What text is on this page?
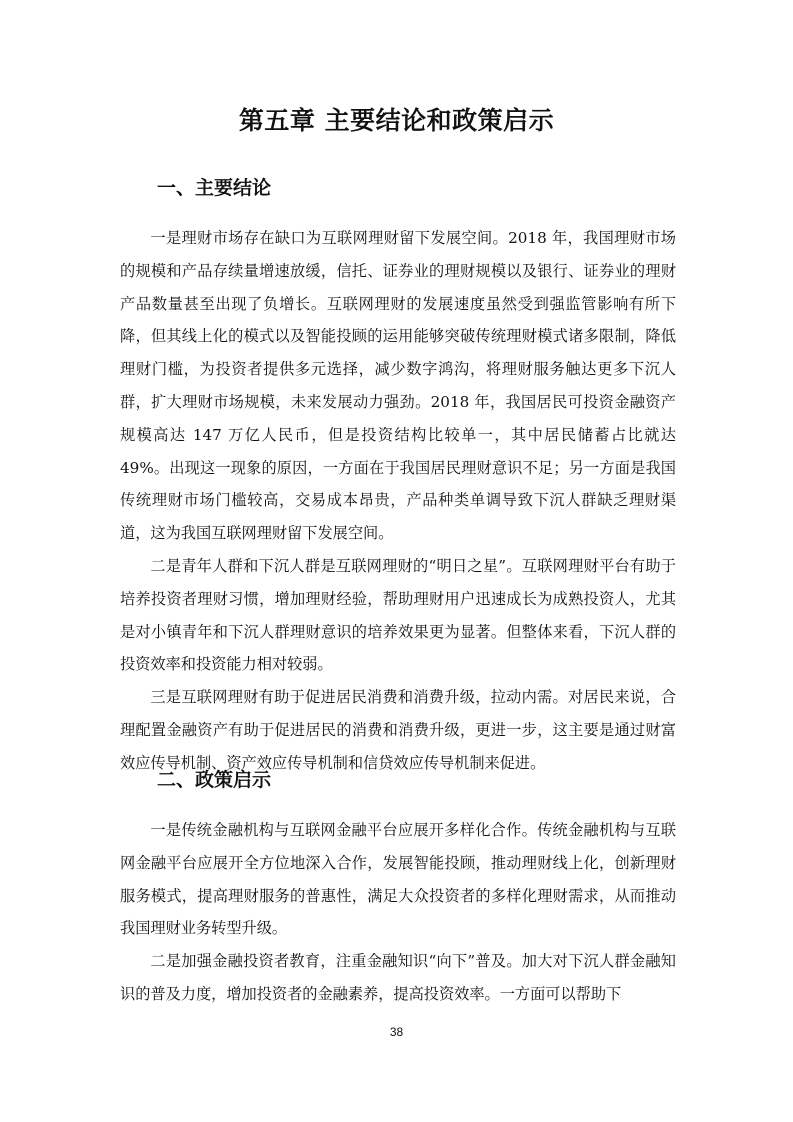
第五章 主要结论和政策启示
一、主要结论

一是理财市场存在缺口为互联网理财留下发展空间。2018 年，我国理财市场的规模和产品存续量增速放缓，信托、证券业的理财规模以及银行、证券业的理财产品数量甚至出现了负增长。互联网理财的发展速度虽然受到强监管影响有所下降，但其线上化的模式以及智能投顾的运用能够突破传统理财模式诸多限制，降低理财门槛，为投资者提供多元选择，减少数字鸿沟，将理财服务触达更多下沉人群，扩大理财市场规模，未来发展动力强劲。2018 年，我国居民可投资金融资产规模高达 147 万亿人民币，但是投资结构比较单一，其中居民储蓄占比就达49%。出现这一现象的原因，一方面在于我国居民理财意识不足；另一方面是我国传统理财市场门槛较高，交易成本昂贵，产品种类单调导致下沉人群缺乏理财渠道，这为我国互联网理财留下发展空间。

二是青年人群和下沉人群是互联网理财的“明日之星”。互联网理财平台有助于培养投资者理财习惯，增加理财经验，帮助理财用户迅速成长为成熟投资人，尤其是对小镇青年和下沉人群理财意识的培养效果更为显著。但整体来看，下沉人群的投资效率和投资能力相对较弱。

三是互联网理财有助于促进居民消费和消费升级，拉动内需。对居民来说，合理配置金融资产有助于促进居民的消费和消费升级，更进一步，这主要是通过财富效应传导机制、资产效应传导机制和信贷效应传导机制来促进。

二、政策启示

一是传统金融机构与互联网金融平台应展开多样化合作。传统金融机构与互联网金融平台应展开全方位地深入合作，发展智能投顾，推动理财线上化，创新理财服务模式，提高理财服务的普惠性，满足大众投资者的多样化理财需求，从而推动我国理财业务转型升级。

二是加强金融投资者教育，注重金融知识“向下”普及。加大对下沉人群金融知识的普及力度，增加投资者的金融素养，提高投资效率。一方面可以帮助下

38
